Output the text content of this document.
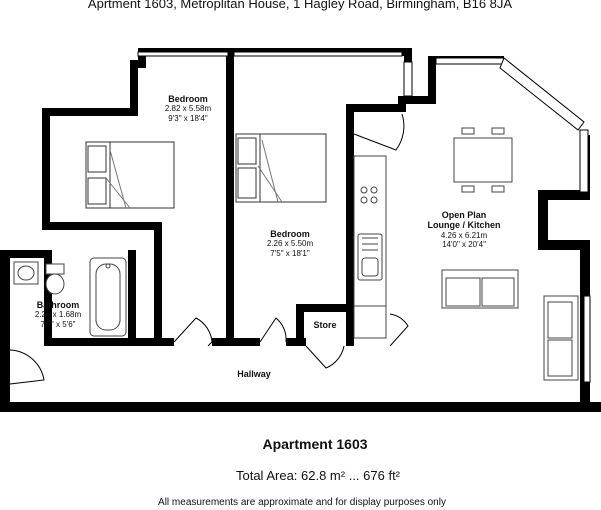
Aprtment 1603, Metroplitan House, 1 Hagley Road, Birmingham, B16 8JA
Bedroom
2.82 x 5.58m
9'3" x 18'4"
Bedroom
2.26 x 5.50m
7'5" x 18'1"
Open Plan
Lounge / Kitchen
4.26 x 6.21m
14'0" x 20'4"
Bathroom
2.26 x 1.68m
7'5" x 5'6"	Store
Hallway
Apartment 1603
Total Area: 62.8 m² ... 676 ft²
All measurements are approximate and for display purposes only
